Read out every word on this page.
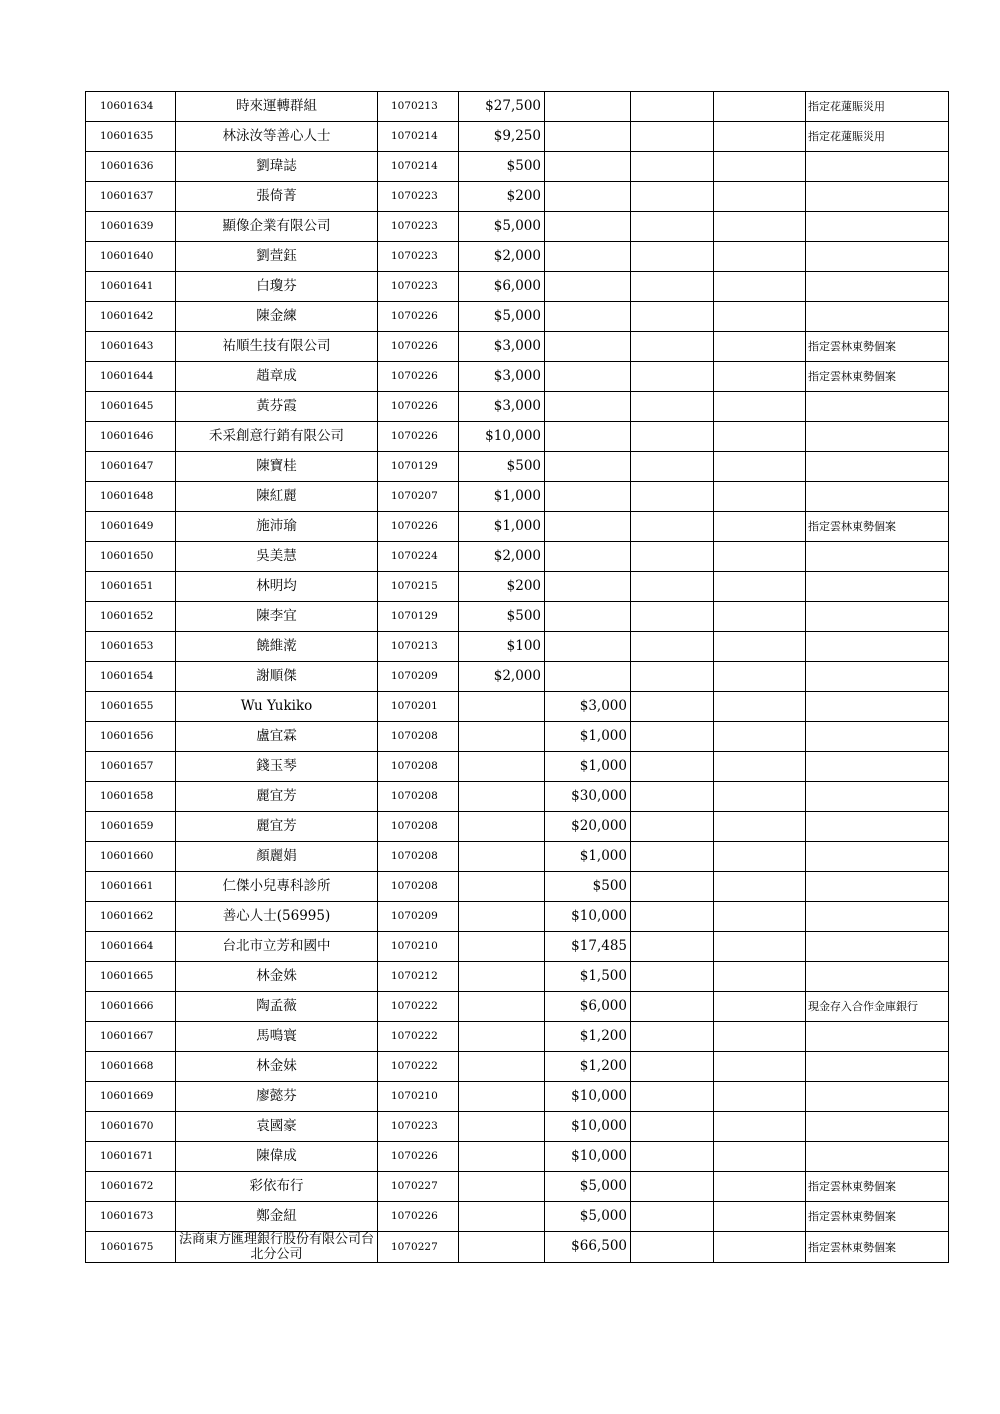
10601634	時來運轉群組	1070213	$27,500				指定花蓮賑災用
10601635	林泳汝等善心人士	1070214	$9,250				指定花蓮賑災用
10601636	劉瑋誌	1070214	$500				
10601637	張倚菁	1070223	$200				
10601639	顯像企業有限公司	1070223	$5,000				
10601640	劉萱鈺	1070223	$2,000				
10601641	白瓊芬	1070223	$6,000				
10601642	陳金練	1070226	$5,000				
10601643	祐順生技有限公司	1070226	$3,000				指定雲林東勢個案
10601644	趙章成	1070226	$3,000				指定雲林東勢個案
10601645	黃芬霞	1070226	$3,000				
10601646	禾采創意行銷有限公司	1070226	$10,000				
10601647	陳寶桂	1070129	$500				
10601648	陳紅麗	1070207	$1,000				
10601649	施沛瑜	1070226	$1,000				指定雲林東勢個案
10601650	吳美慧	1070224	$2,000				
10601651	林明均	1070215	$200				
10601652	陳李宜	1070129	$500				
10601653	饒維漧	1070213	$100				
10601654	謝順傑	1070209	$2,000				
10601655	Wu Yukiko	1070201		$3,000			
10601656	盧宜霖	1070208		$1,000			
10601657	錢玉琴	1070208		$1,000			
10601658	麗宜芳	1070208		$30,000			
10601659	麗宜芳	1070208		$20,000			
10601660	顏麗娟	1070208		$1,000			
10601661	仁傑小兒專科診所	1070208		$500			
10601662	善心人士(56995)	1070209		$10,000			
10601664	台北市立芳和國中	1070210		$17,485			
10601665	林金姝	1070212		$1,500			
10601666	陶孟薇	1070222		$6,000			現金存入合作金庫銀行
10601667	馬鳴寰	1070222		$1,200			
10601668	林金妹	1070222		$1,200			
10601669	廖懿芬	1070210		$10,000			
10601670	袁國豪	1070223		$10,000			
10601671	陳偉成	1070226		$10,000			
10601672	彩依布行	1070227		$5,000			指定雲林東勢個案
10601673	鄭金紐	1070226		$5,000			指定雲林東勢個案
10601675	法商東方匯理銀行股份有限公司台北分公司	1070227		$66,500			指定雲林東勢個案
